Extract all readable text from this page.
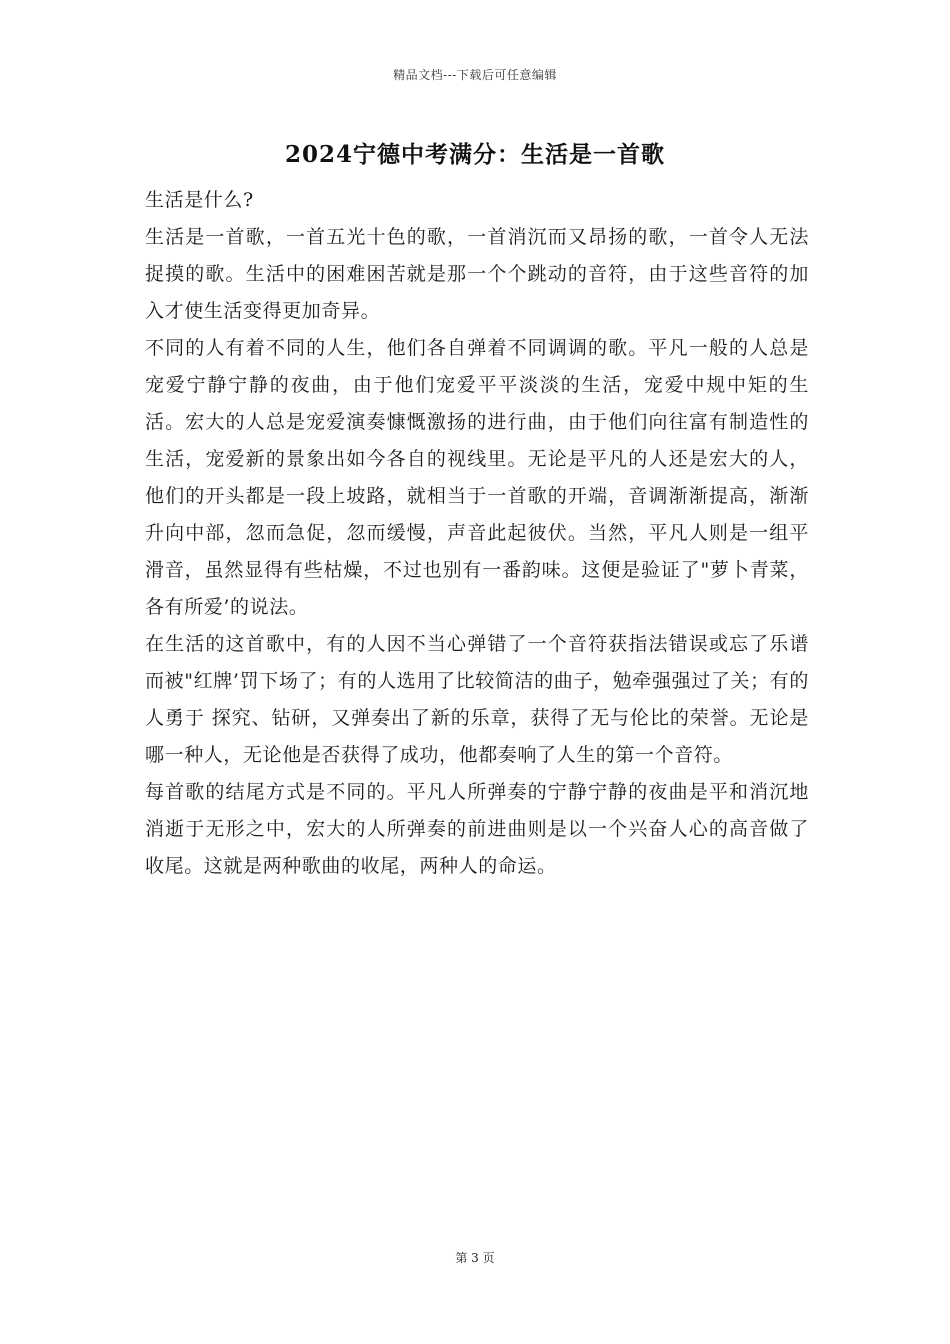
精品文档---下载后可任意编辑
2024宁德中考满分：生活是一首歌

生活是什么?

生活是一首歌，一首五光十色的歌，一首消沉而又昂扬的歌，一首令人无法捉摸的歌。生活中的困难困苦就是那一个个跳动的音符，由于这些音符的加入才使生活变得更加奇异。

不同的人有着不同的人生，他们各自弹着不同调调的歌。平凡一般的人总是宠爱宁静宁静的夜曲，由于他们宠爱平平淡淡的生活，宠爱中规中矩的生活。宏大的人总是宠爱演奏慷慨激扬的进行曲，由于他们向往富有制造性的生活，宠爱新的景象出如今各自的视线里。无论是平凡的人还是宏大的人，他们的开头都是一段上坡路，就相当于一首歌的开端，音调渐渐提高，渐渐升向中部，忽而急促，忽而缓慢，声音此起彼伏。当然，平凡人则是一组平滑音，虽然显得有些枯燥，不过也别有一番韵味。这便是验证了"萝卜青菜，各有所爱’的说法。

在生活的这首歌中，有的人因不当心弹错了一个音符获指法错误或忘了乐谱而被"红牌’罚下场了；有的人选用了比较简洁的曲子，勉牵强强过了关；有的人勇于 探究、钻研，又弹奏出了新的乐章，获得了无与伦比的荣誉。无论是哪一种人，无论他是否获得了成功，他都奏响了人生的第一个音符。

每首歌的结尾方式是不同的。平凡人所弹奏的宁静宁静的夜曲是平和消沉地消逝于无形之中，宏大的人所弹奏的前进曲则是以一个兴奋人心的高音做了收尾。这就是两种歌曲的收尾，两种人的命运。

第 3 页
